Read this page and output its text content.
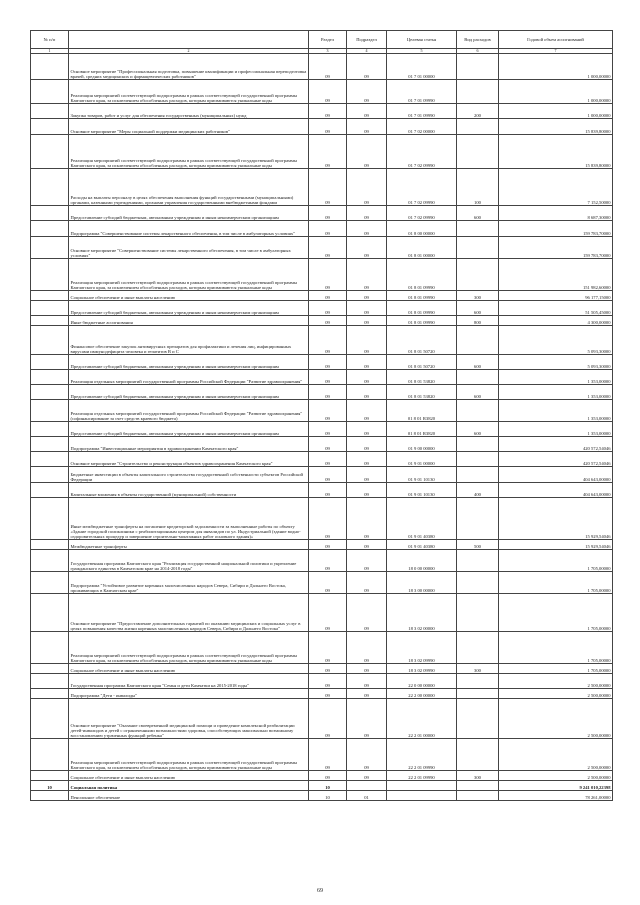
№ п/п		Раздел	Подраздел	Целевая статья	Вид расходов	Годовой объем ассигнований
1	2	3	4	5	6	7
	Основное мероприятие "Профессиональная подготовка, повышение квалификации и профессиональная переподготовка врачей, средних медицинских и фармацевтических работников"	09	09	01 7 01 00000		1 000,00000
	Реализация мероприятий соответствующей подпрограммы в рамках соответствующей государственной программы Камчатского края, за исключением обособленных расходов, которым присваиваются уникальные коды	09	09	01 7 01 09990		1 000,00000
	Закупка товаров, работ и услуг для обеспечения государственных (муниципальных) нужд	09	09	01 7 01 09990	200	1 000,00000
	Основное мероприятие "Меры социальной поддержки медицинских работников"	09	09	01 7 02 00000		15 839,80000
	Реализация мероприятий соответствующей подпрограммы в рамках соответствующей государственной программы Камчатского края, за исключением обособленных расходов, которым присваиваются уникальные коды	09	09	01 7 02 09990		15 839,80000
	Расходы на выплаты персоналу в целях обеспечения выполнения функций государственными (муниципальными) органами, казенными учреждениями, органами управления государственными внебюджетными фондами	09	09	01 7 02 09990	100	7 152,50000
	Предоставление субсидий бюджетным, автономным учреждениям и иным некоммерческим организациям	09	09	01 7 02 09990	600	8 687,30000
	Подпрограмма "Совершенствование системы лекарственного обеспечения, в том числе в амбулаторных условиях"	09	09	01 8 00 00000		159 783,70000
	Основное мероприятие "Совершенствование системы лекарственного обеспечения, в том числе в амбулаторных условиях"	09	09	01 8 01 00000		159 783,70000
	Реализация мероприятий соответствующей подпрограммы в рамках соответствующей государственной программы Камчатского края, за исключением обособленных расходов, которым присваиваются уникальные коды	09	09	01 8 01 09990		151 982,60000
	Социальное обеспечение и иные выплаты населению	09	09	01 8 01 09990	300	96 177,15000
	Предоставление субсидий бюджетным, автономным учреждениям и иным некоммерческим организациям	09	09	01 8 01 09990	600	51 505,45000
	Иные бюджетные ассигнования	09	09	01 8 01 09990	800	4 300,00000
	Финансовое обеспечение закупок антивирусных препаратов для профилактики и лечения лиц, инфицированных вирусами иммунодефицита человека и гепатитов В и С	09	09	01 8 01 50720		5 093,30000
	Предоставление субсидий бюджетным, автономным учреждениям и иным некоммерческим организациям	09	09	01 8 01 50720	600	5 093,30000
	Реализация отдельных мероприятий государственной программы Российской Федерации "Развитие здравоохранения"	09	09	01 8 01 53820		1 353,00000
	Предоставление субсидий бюджетным, автономным учреждениям и иным некоммерческим организациям	09	09	01 8 01 53820	600	1 353,00000
	Реализация отдельных мероприятий государственной программы Российской Федерации "Развитие здравоохранения" (софинансирование за счет средств краевого бюджета)	09	09	01 8 01 R3820		1 353,00000
	Предоставление субсидий бюджетным, автономным учреждениям и иным некоммерческим организациям	09	09	01 8 01 R3820	600	1 353,00000
	Подпрограмма "Инвестиционные мероприятия в здравоохранении Камчатского края"	09	09	01 9 00 00000		420 572,54046
	Основное мероприятие "Строительство и реконструкция объектов здравоохранения Камчатского края"	09	09	01 9 01 00000		420 572,54046
	Бюджетные инвестиции в объекты капитального строительства государственной собственности субъектов Российской Федерации	09	09	01 9 01 10130		404 643,00000
	Капитальные вложения в объекты государственной (муниципальной) собственности	09	09	01 9 01 10130	400	404 643,00000
	Иные межбюджетные трансферты на погашение кредиторской задолженности за выполненные работы по объекту «Здание городской поликлиники с реабилитационным центром для инвалидов по ул. Индустриальной (здание водно-оздоровительных процедур и завершение строительно-монтажных работ основного здания)»	09	09	01 9 01 40380		15 929,54046
	Межбюджетные трансферты	09	09	01 9 01 40380	500	15 929,54046
	Государственная программа Камчатского края "Реализация государственной национальной политики и укрепление гражданского единства в Камчатском крае на 2014-2018 годы"	09	09	18 0 00 00000		1 705,00000
	Подпрограмма "Устойчивое развитие коренных малочисленных народов Севера, Сибири и Дальнего Востока, проживающих в Камчатском крае"	09	09	18 3 00 00000		1 705,00000
	Основное мероприятие "Предоставление дополнительных гарантий по оказанию медицинских и социальных услуг в целях повышения качества жизни коренных малочисленных народов Севера, Сибири и Дальнего Востока"	09	09	18 3 02 00000		1 705,00000
	Реализация мероприятий соответствующей подпрограммы в рамках соответствующей государственной программы Камчатского края, за исключением обособленных расходов, которым присваиваются уникальные коды	09	09	18 3 02 09990		1 705,00000
	Социальное обеспечение и иные выплаты населению	09	09	18 3 02 09990	300	1 705,00000
	Государственная программа Камчатского края "Семья и дети Камчатки на 2015-2018 годы"	09	09	22 0 00 00000		2 500,00000
	Подпрограмма "Дети - инвалиды"	09	09	22 2 00 00000		2 500,00000
	Основное мероприятие "Оказание своевременной медицинской помощи и проведение комплексной реабилитации детей-инвалидов и детей с ограниченными возможностями здоровья, способствующих максимально возможному восстановлению утраченных функций ребенка"	09	09	22 2 01 00000		2 500,00000
	Реализация мероприятий соответствующей подпрограммы в рамках соответствующей государственной программы Камчатского края, за исключением обособленных расходов, которым присваиваются уникальные коды	09	09	22 2 01 09990		2 500,00000
	Социальное обеспечение и иные выплаты населению	09	09	22 2 01 09990	300	2 500,00000
10	Социальная политика	10				9 241 010,22398
	Пенсионное обеспечение	10	01			78 261,00000
69
